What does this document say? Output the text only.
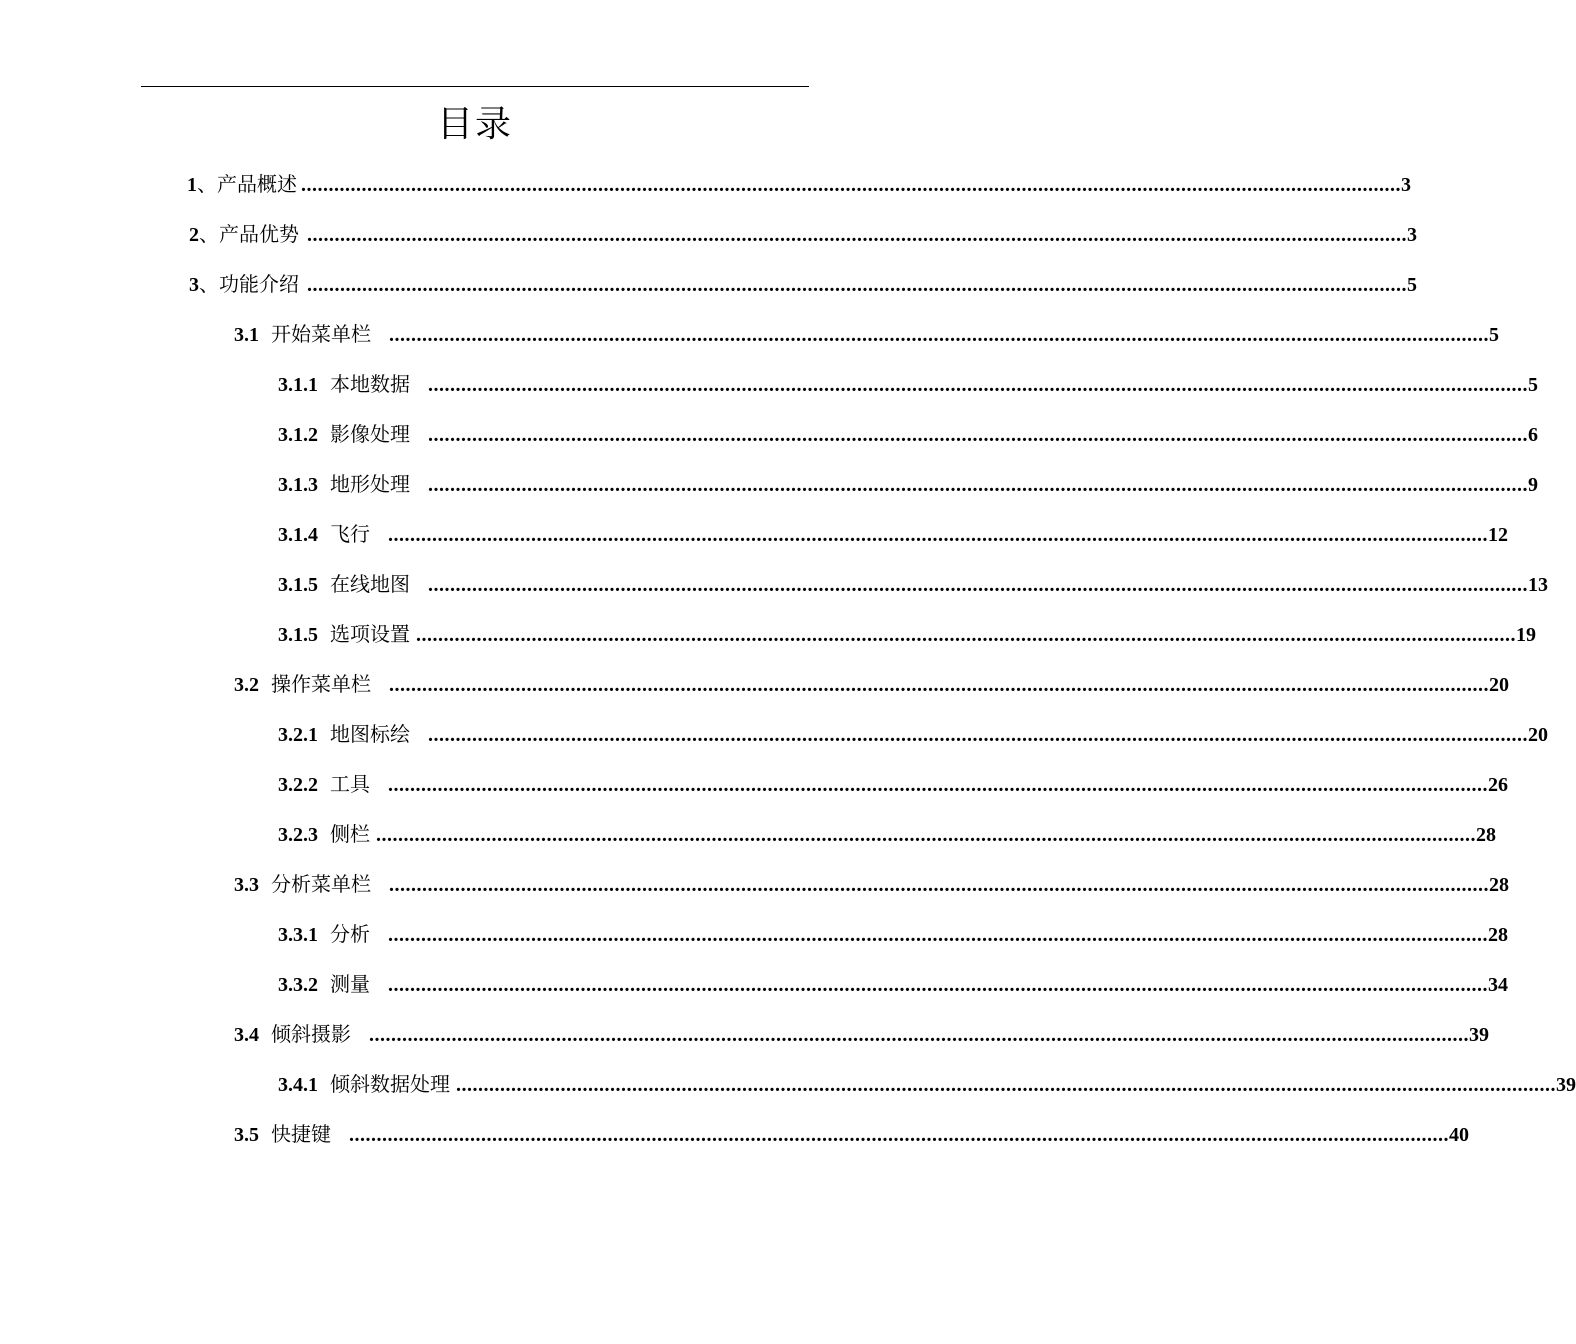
目录
1 、产品概述 ........................................................................................................................................................................................................ 3
2 、产品优势 ........................................................................................................................................................................................................ 3
3 、功能介绍 ........................................................................................................................................................................................................ 5
3.1 开始菜单栏 ........................................................................................................................................................................................................ 5
3.1.1 本地数据 ........................................................................................................................................................................................................ 5
3.1.2 影像处理 ........................................................................................................................................................................................................ 6
3.1.3 地形处理 ........................................................................................................................................................................................................ 9
3.1.4 飞行 ........................................................................................................................................................................................................ 12
3.1.5 在线地图 ........................................................................................................................................................................................................ 13
3.1.5 选项设置 ........................................................................................................................................................................................................ 19
3.2 操作菜单栏 ........................................................................................................................................................................................................ 20
3.2.1 地图标绘 ........................................................................................................................................................................................................ 20
3.2.2 工具 ........................................................................................................................................................................................................ 26
3.2.3 侧栏 ........................................................................................................................................................................................................ 28
3.3 分析菜单栏 ........................................................................................................................................................................................................ 28
3.3.1 分析 ........................................................................................................................................................................................................ 28
3.3.2 测量 ........................................................................................................................................................................................................ 34
3.4 倾斜摄影 ........................................................................................................................................................................................................ 39
3.4.1 倾斜数据处理 ........................................................................................................................................................................................................ 39
3.5 快捷键 ........................................................................................................................................................................................................ 40
